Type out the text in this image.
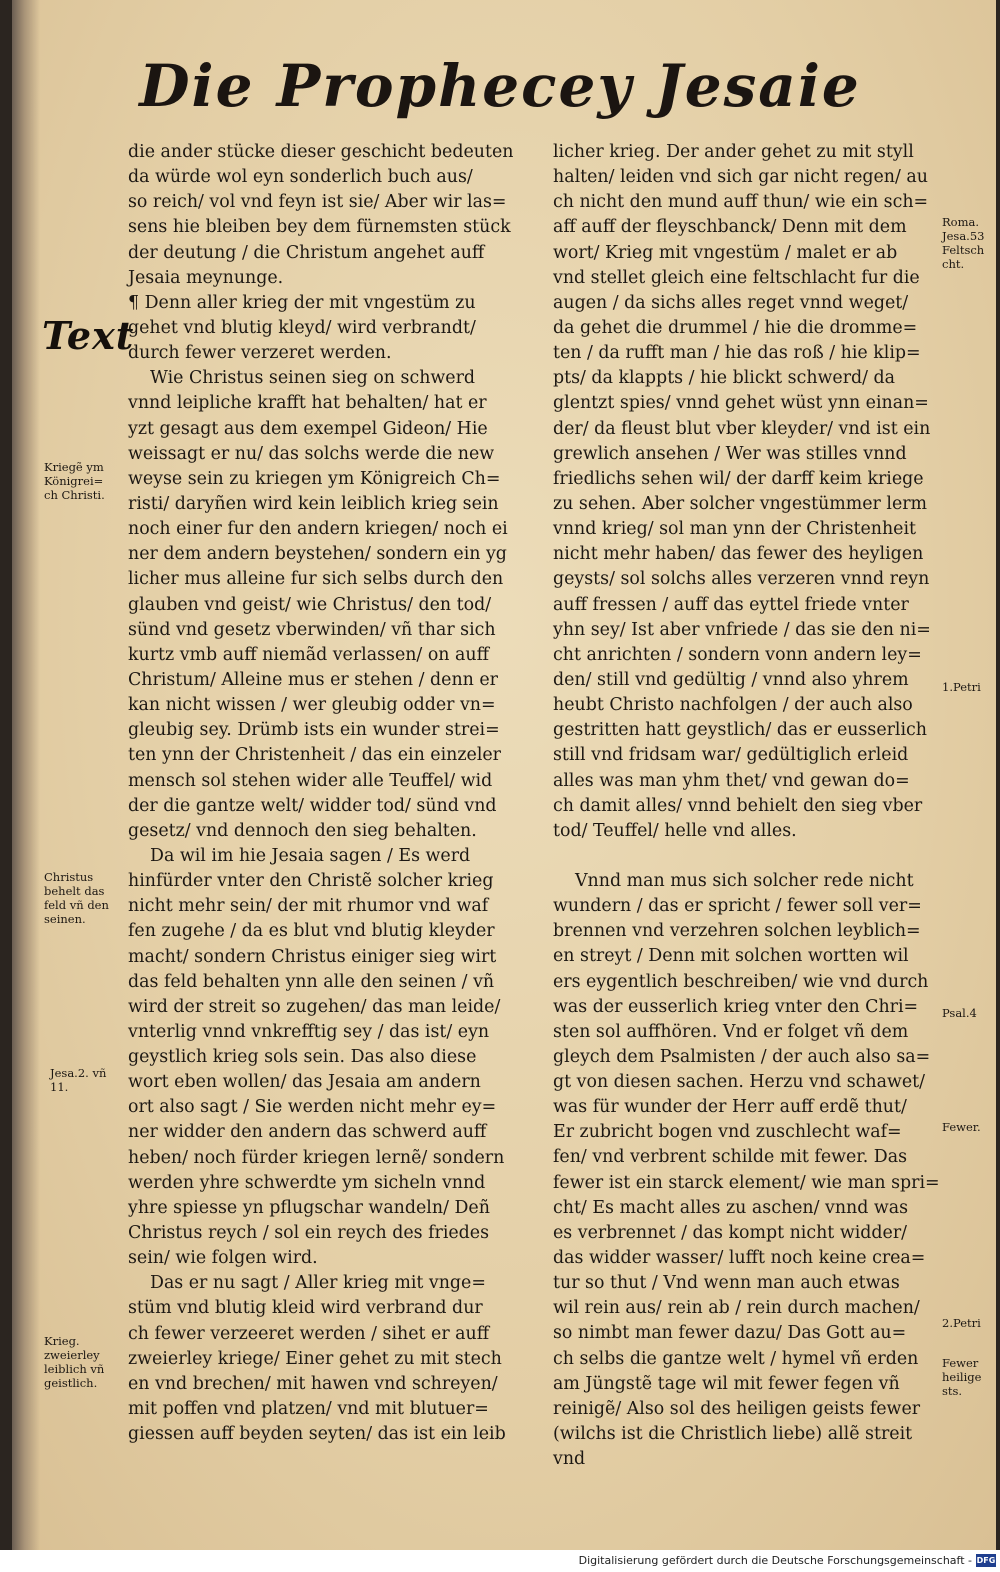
Die Prophecey Jesaie
Text
die ander stücke dieser geschicht bedeuten
da würde wol eyn sonderlich buch aus/
so reich/ vol vnd feyn ist sie/ Aber wir las=
sens hie bleiben bey dem fürnemsten stück
der deutung / die Christum angehet auff
Jesaia meynunge.
¶ Denn aller krieg der mit vngestüm zu
gehet vnd blutig kleyd/ wird verbrandt/
durch fewer verzeret werden.
Wie Christus seinen sieg on schwerd
vnnd leipliche krafft hat behalten/ hat er
yzt gesagt aus dem exempel Gideon/ Hie
weissagt er nu/ das solchs werde die new
weyse sein zu kriegen ym Königreich Ch=
risti/ daryñen wird kein leiblich krieg sein
noch einer fur den andern kriegen/ noch ei
ner dem andern beystehen/ sondern ein yg
licher mus alleine fur sich selbs durch den
glauben vnd geist/ wie Christus/ den tod/
sünd vnd gesetz vberwinden/ vñ thar sich
kurtz vmb auff niemãd verlassen/ on auff
Christum/ Alleine mus er stehen / denn er
kan nicht wissen / wer gleubig odder vn=
gleubig sey. Drümb ists ein wunder strei=
ten ynn der Christenheit / das ein einzeler
mensch sol stehen wider alle Teuffel/ wid
der die gantze welt/ widder tod/ sünd vnd
gesetz/ vnd dennoch den sieg behalten.
Da wil im hie Jesaia sagen / Es werd
hinfürder vnter den Christẽ solcher krieg
nicht mehr sein/ der mit rhumor vnd waf
fen zugehe / da es blut vnd blutig kleyder
macht/ sondern Christus einiger sieg wirt
das feld behalten ynn alle den seinen / vñ
wird der streit so zugehen/ das man leide/
vnterlig vnnd vnkrefftig sey / das ist/ eyn
geystlich krieg sols sein. Das also diese
wort eben wollen/ das Jesaia am andern
ort also sagt / Sie werden nicht mehr ey=
ner widder den andern das schwerd auff
heben/ noch fürder kriegen lernẽ/ sondern
werden yhre schwerdte ym sicheln vnnd
yhre spiesse yn pflugschar wandeln/ Deñ
Christus reych / sol ein reych des friedes
sein/ wie folgen wird.
Das er nu sagt / Aller krieg mit vnge=
stüm vnd blutig kleid wird verbrand dur
ch fewer verzeeret werden / sihet er auff
zweierley kriege/ Einer gehet zu mit stech
en vnd brechen/ mit hawen vnd schreyen/
mit poffen vnd platzen/ vnd mit blutuer=
giessen auff beyden seyten/ das ist ein leib
licher krieg. Der ander gehet zu mit styll
halten/ leiden vnd sich gar nicht regen/ au
ch nicht den mund auff thun/ wie ein sch=
aff auff der fleyschbanck/ Denn mit dem
wort/ Krieg mit vngestüm / malet er ab
vnd stellet gleich eine feltschlacht fur die
augen / da sichs alles reget vnnd weget/
da gehet die drummel / hie die dromme=
ten / da rufft man / hie das roß / hie klip=
pts/ da klappts / hie blickt schwerd/ da
glentzt spies/ vnnd gehet wüst ynn einan=
der/ da fleust blut vber kleyder/ vnd ist ein
grewlich ansehen / Wer was stilles vnnd
friedlichs sehen wil/ der darff keim kriege
zu sehen. Aber solcher vngestümmer lerm
vnnd krieg/ sol man ynn der Christenheit
nicht mehr haben/ das fewer des heyligen
geysts/ sol solchs alles verzeren vnnd reyn
auff fressen / auff das eyttel friede vnter
yhn sey/ Ist aber vnfriede / das sie den ni=
cht anrichten / sondern vonn andern ley=
den/ still vnd gedültig / vnnd also yhrem
heubt Christo nachfolgen / der auch also
gestritten hatt geystlich/ das er eusserlich
still vnd fridsam war/ gedültiglich erleid
alles was man yhm thet/ vnd gewan do=
ch damit alles/ vnnd behielt den sieg vber
tod/ Teuffel/ helle vnd alles.
Vnnd man mus sich solcher rede nicht
wundern / das er spricht / fewer soll ver=
brennen vnd verzehren solchen leyblich=
en streyt / Denn mit solchen wortten wil
ers eygentlich beschreiben/ wie vnd durch
was der eusserlich krieg vnter den Chri=
sten sol auffhören. Vnd er folget vñ dem
gleych dem Psalmisten / der auch also sa=
gt von diesen sachen. Herzu vnd schawet/
was für wunder der Herr auff erdẽ thut/
Er zubricht bogen vnd zuschlecht waf=
fen/ vnd verbrent schilde mit fewer. Das
fewer ist ein starck element/ wie man spri=
cht/ Es macht alles zu aschen/ vnnd was
es verbrennet / das kompt nicht widder/
das widder wasser/ lufft noch keine crea=
tur so thut / Vnd wenn man auch etwas
wil rein aus/ rein ab / rein durch machen/
so nimbt man fewer dazu/ Das Gott au=
ch selbs die gantze welt / hymel vñ erden
am Jüngstẽ tage wil mit fewer fegen vñ
reinigẽ/ Also sol des heiligen geists fewer
(wilchs ist die Christlich liebe) allẽ streit
vnd
Kriegẽ ym
Königrei=
ch Christi.
Christus
behelt das
feld vñ den
seinen.
Jesa.2. vñ
11.
Krieg.
zweierley
leiblich vñ
geistlich.
Roma.
Jesa.53
Feltsch
cht.
1.Petri
Psal.4
Fewer.
2.Petri
Fewer
heilige
sts.
Digitalisierung gefördert durch die Deutsche Forschungsgemeinschaft - DFG
